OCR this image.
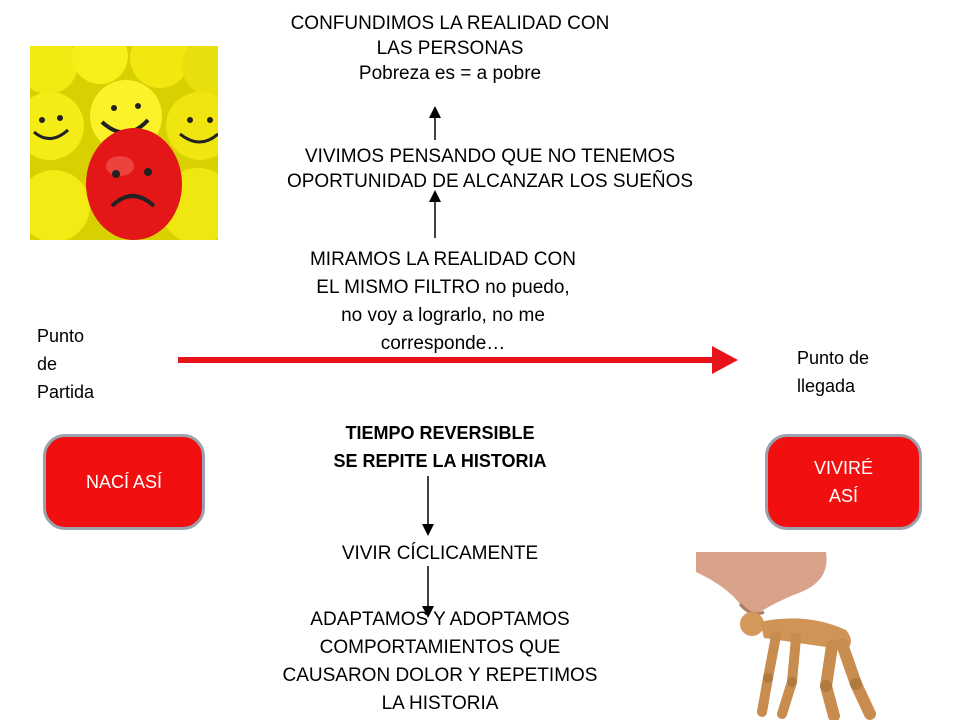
CONFUNDIMOS LA REALIDAD CON
LAS PERSONAS
Pobreza es = a pobre
VIVIMOS PENSANDO QUE NO TENEMOS
OPORTUNIDAD DE ALCANZAR LOS SUEÑOS
MIRAMOS LA REALIDAD CON
EL MISMO FILTRO no puedo,
no voy a lograrlo, no me
corresponde…
Punto
de
Partida
Punto de
llegada
NACÍ ASÍ
VIVIRÉ
ASÍ
TIEMPO REVERSIBLE
SE REPITE LA HISTORIA
VIVIR CÍCLICAMENTE
ADAPTAMOS Y ADOPTAMOS
COMPORTAMIENTOS QUE
CAUSARON DOLOR Y REPETIMOS
LA HISTORIA
